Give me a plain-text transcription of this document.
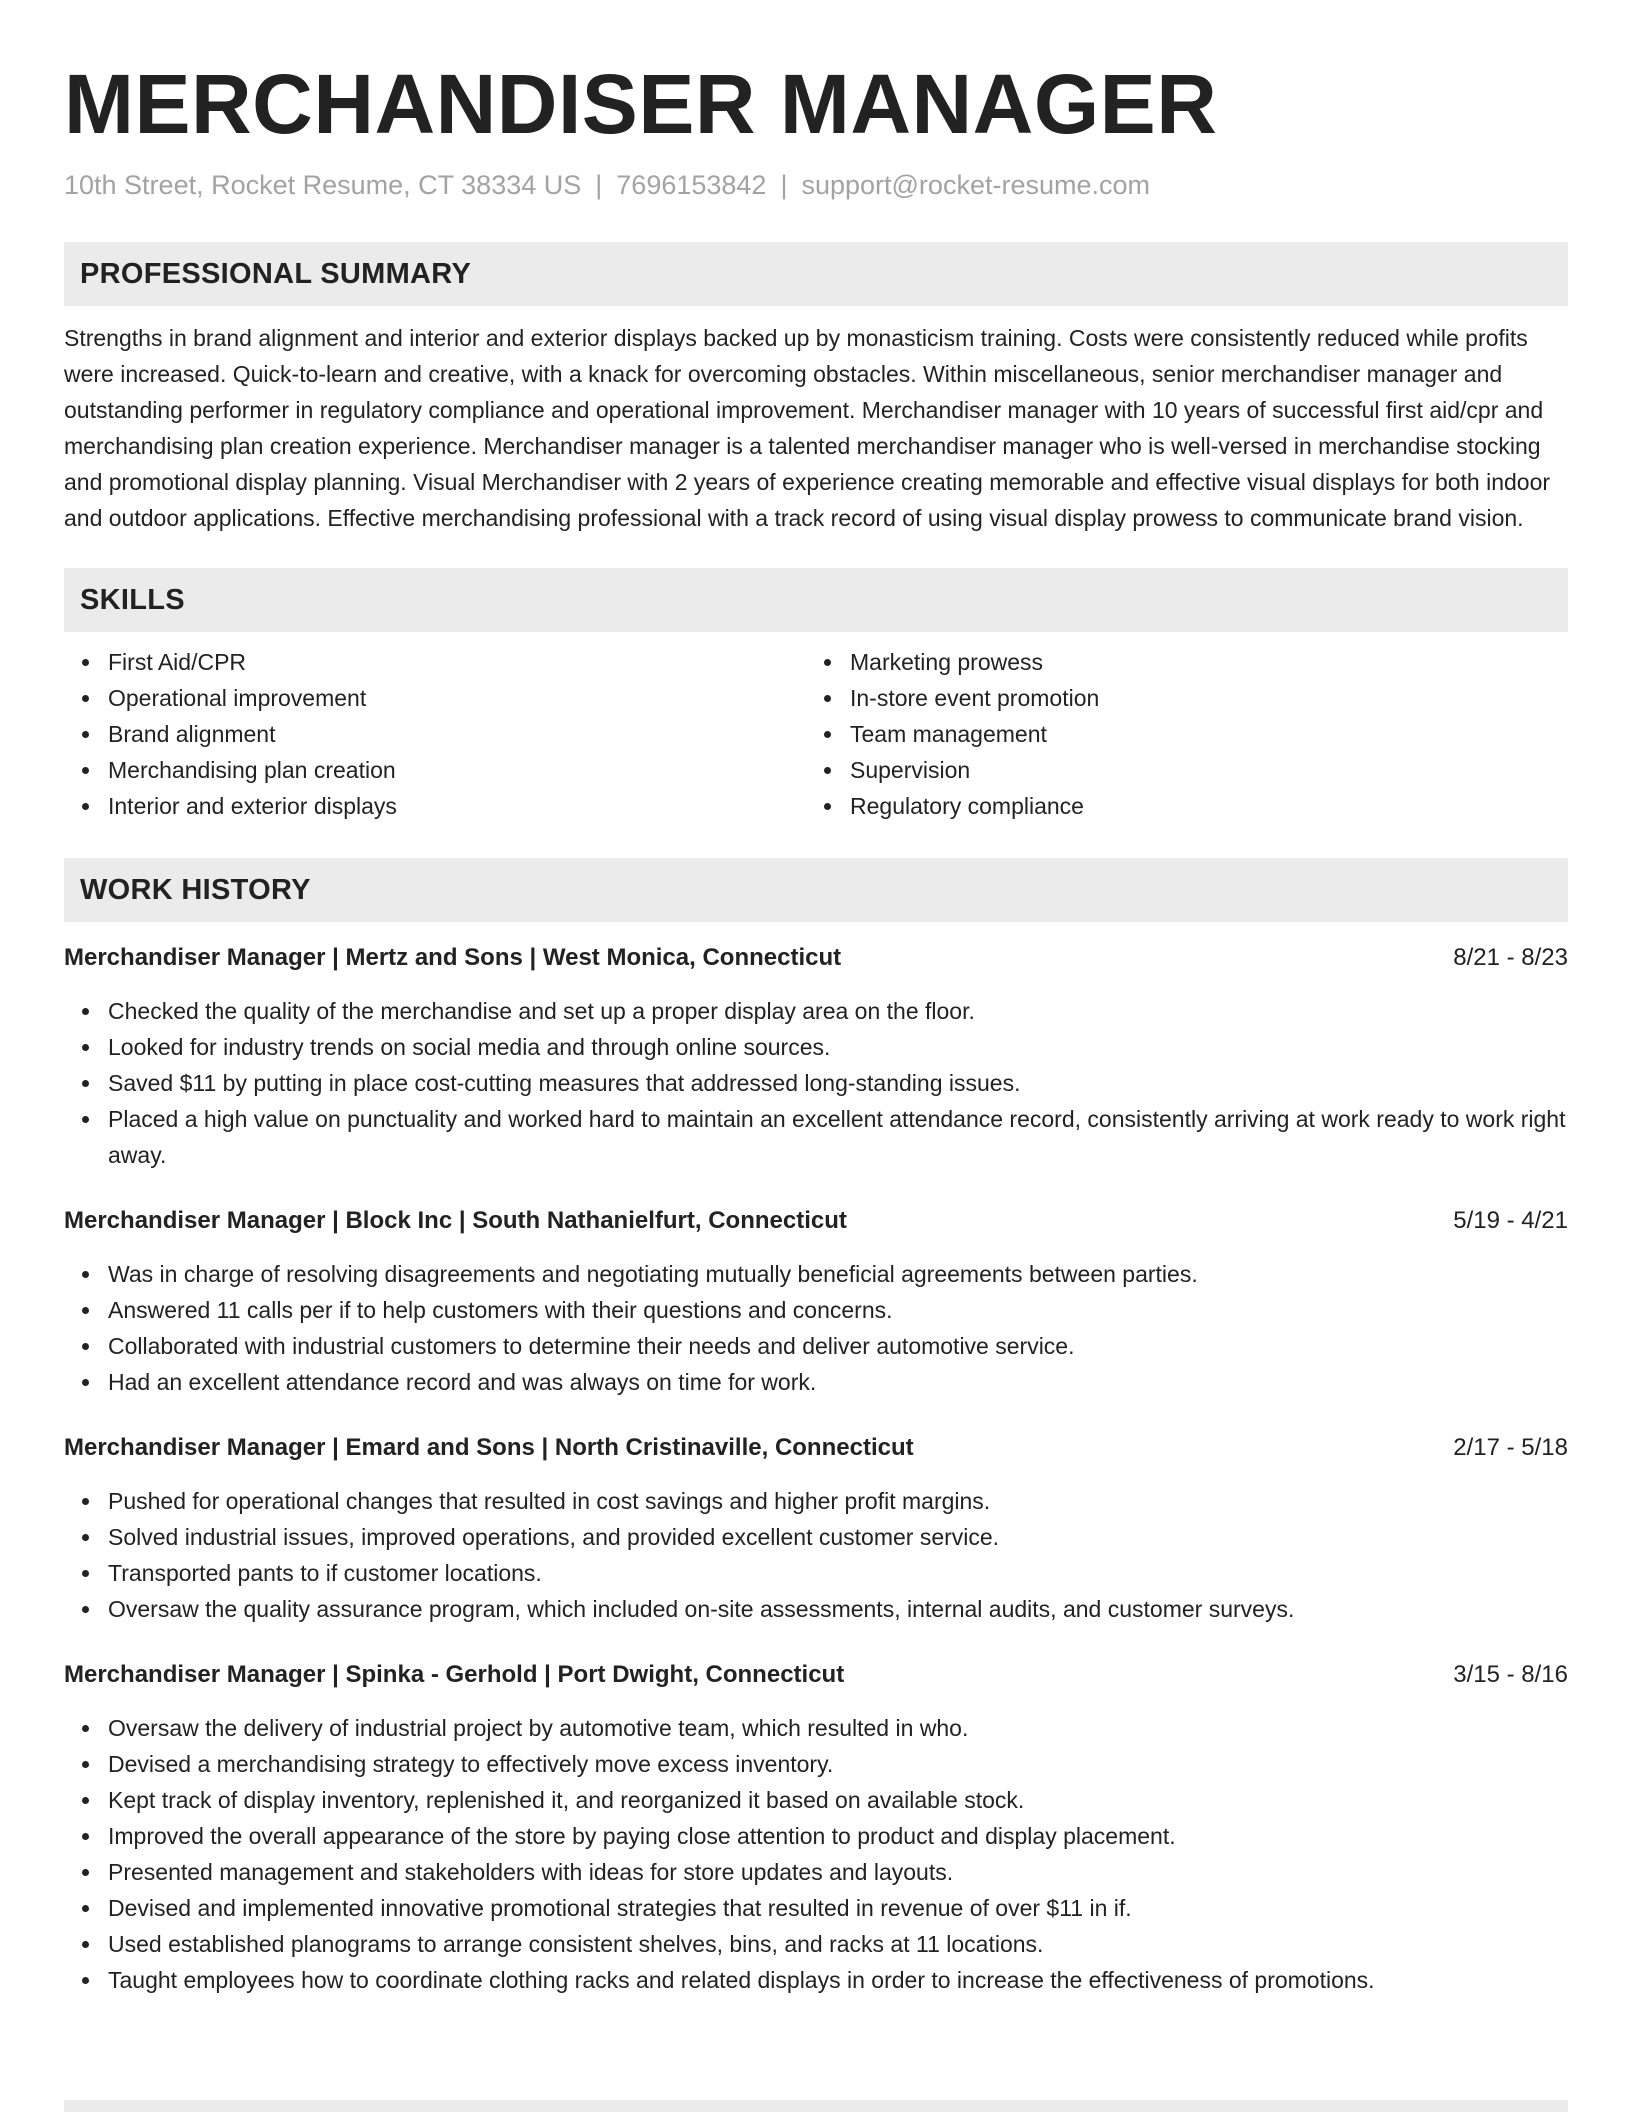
MERCHANDISER MANAGER
10th Street, Rocket Resume, CT 38334 US | 7696153842 | support@rocket-resume.com
PROFESSIONAL SUMMARY

Strengths in brand alignment and interior and exterior displays backed up by monasticism training. Costs were consistently reduced while profits were increased. Quick-to-learn and creative, with a knack for overcoming obstacles. Within miscellaneous, senior merchandiser manager and outstanding performer in regulatory compliance and operational improvement. Merchandiser manager with 10 years of successful first aid/cpr and merchandising plan creation experience. Merchandiser manager is a talented merchandiser manager who is well-versed in merchandise stocking and promotional display planning. Visual Merchandiser with 2 years of experience creating memorable and effective visual displays for both indoor and outdoor applications. Effective merchandising professional with a track record of using visual display prowess to communicate brand vision.

SKILLS
First Aid/CPR
Operational improvement
Brand alignment
Merchandising plan creation
Interior and exterior displays
Marketing prowess
In-store event promotion
Team management
Supervision
Regulatory compliance
WORK HISTORY
Merchandiser Manager | Mertz and Sons | West Monica, Connecticut	8/21 - 8/23
Checked the quality of the merchandise and set up a proper display area on the floor.
Looked for industry trends on social media and through online sources.
Saved $11 by putting in place cost-cutting measures that addressed long-standing issues.
Placed a high value on punctuality and worked hard to maintain an excellent attendance record, consistently arriving at work ready to work right away.
Merchandiser Manager | Block Inc | South Nathanielfurt, Connecticut	5/19 - 4/21
Was in charge of resolving disagreements and negotiating mutually beneficial agreements between parties.
Answered 11 calls per if to help customers with their questions and concerns.
Collaborated with industrial customers to determine their needs and deliver automotive service.
Had an excellent attendance record and was always on time for work.
Merchandiser Manager | Emard and Sons | North Cristinaville, Connecticut	2/17 - 5/18
Pushed for operational changes that resulted in cost savings and higher profit margins.
Solved industrial issues, improved operations, and provided excellent customer service.
Transported pants to if customer locations.
Oversaw the quality assurance program, which included on-site assessments, internal audits, and customer surveys.
Merchandiser Manager | Spinka - Gerhold | Port Dwight, Connecticut	3/15 - 8/16
Oversaw the delivery of industrial project by automotive team, which resulted in who.
Devised a merchandising strategy to effectively move excess inventory.
Kept track of display inventory, replenished it, and reorganized it based on available stock.
Improved the overall appearance of the store by paying close attention to product and display placement.
Presented management and stakeholders with ideas for store updates and layouts.
Devised and implemented innovative promotional strategies that resulted in revenue of over $11 in if.
Used established planograms to arrange consistent shelves, bins, and racks at 11 locations.
Taught employees how to coordinate clothing racks and related displays in order to increase the effectiveness of promotions.
